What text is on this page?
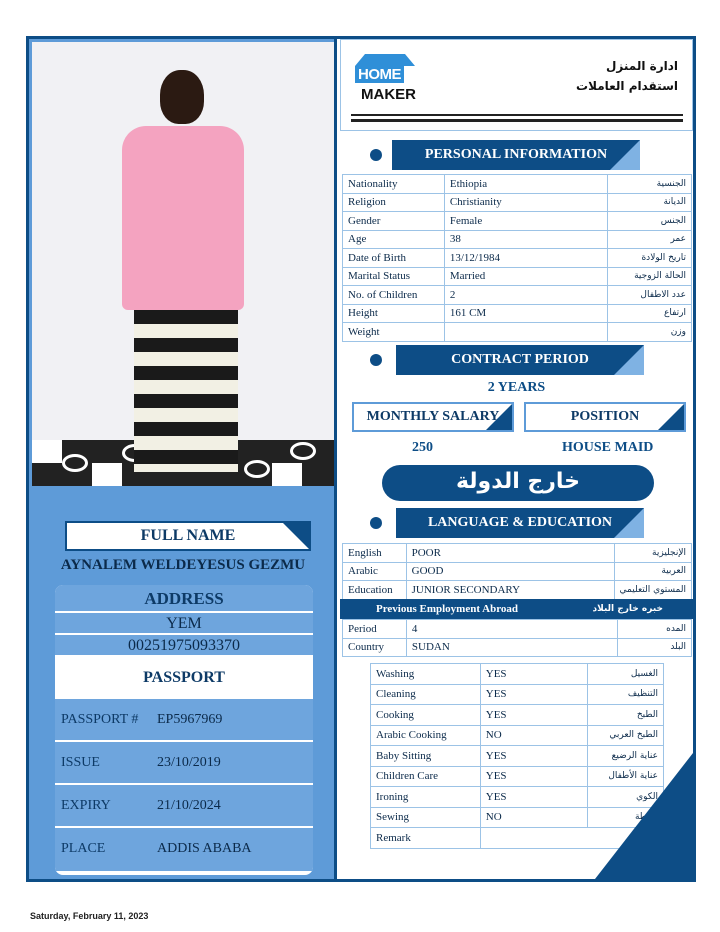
FULL NAME
AYNALEM WELDEYESUS GEZMU
ADDRESS
YEM
00251975093370
PASSPORT
PASSPORT # EP5967969
ISSUE	23/10/2019
EXPIRY	21/10/2024
PLACE	ADDIS ABABA
HOME
MAKER
ادارة المنزل
استقدام العاملات
PERSONAL INFORMATION
Nationality	Ethiopia	الجنسية
Religion	Christianity	الديانة
Gender	Female	الجنس
Age	38	عمر
Date of Birth	13/12/1984	تاريخ الولادة
Marital Status	Married	الحالة الزوجية
No. of Children	2	عدد الاطفال
Height	161 CM	ارتفاع
Weight		وزن
CONTRACT PERIOD
2 YEARS
MONTHLY SALARY	POSITION
250	HOUSE MAID
خارج الدولة
LANGUAGE & EDUCATION
English	POOR	الإنجليزية
Arabic	GOOD	العربية
Education	JUNIOR SECONDARY	المستوي التعليمي
Previous Employment Abroad	خبره خارج البلاد
Period	4	المده
Country	SUDAN	البلد
Washing	YES	الغسيل
Cleaning	YES	التنظيف
Cooking	YES	الطبخ
Arabic Cooking	NO	الطبخ العربي
Baby Sitting	YES	عناية الرضيع
Children Care	YES	عناية الأطفال
Ironing	YES	الكوي
Sewing	NO	خياطة
Remark		
Saturday, February 11, 2023
